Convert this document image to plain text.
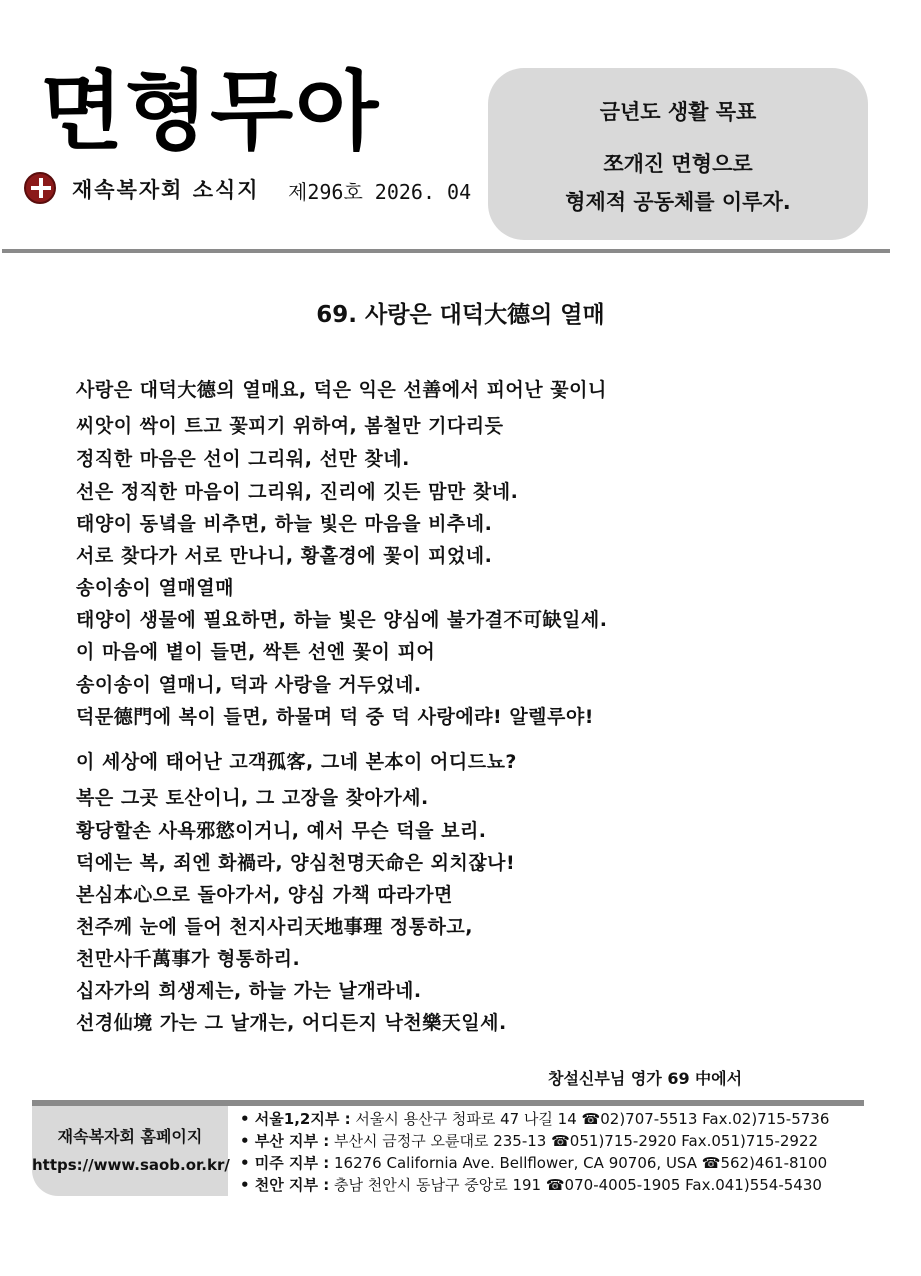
면형무아
재속복자회 소식지 제296호 2026. 04
금년도 생활 목표
쪼개진 면형으로
형제적 공동체를 이루자.
69. 사랑은 대덕大德의 열매
사랑은 대덕大德의 열매요, 덕은 익은 선善에서 피어난 꽃이니
씨앗이 싹이 트고 꽃피기 위하여, 봄철만 기다리듯
정직한 마음은 선이 그리워, 선만 찾네.
선은 정직한 마음이 그리워, 진리에 깃든 맘만 찾네.
태양이 동녘을 비추면, 하늘 빛은 마음을 비추네.
서로 찾다가 서로 만나니, 황홀경에 꽃이 피었네.
송이송이 열매열매
태양이 생물에 필요하면, 하늘 빛은 양심에 불가결不可缺일세.
이 마음에 볕이 들면, 싹튼 선엔 꽃이 피어
송이송이 열매니, 덕과 사랑을 거두었네.
덕문德門에 복이 들면, 하물며 덕 중 덕 사랑에랴! 알렐루야!
이 세상에 태어난 고객孤客, 그네 본本이 어디드뇨?
복은 그곳 토산이니, 그 고장을 찾아가세.
황당할손 사욕邪慾이거니, 예서 무슨 덕을 보리.
덕에는 복, 죄엔 화禍라, 양심천명天命은 외치잖나!
본심本心으로 돌아가서, 양심 가책 따라가면
천주께 눈에 들어 천지사리天地事理 정통하고,
천만사千萬事가 형통하리.
십자가의 희생제는, 하늘 가는 날개라네.
선경仙境 가는 그 날개는, 어디든지 낙천樂天일세.
창설신부님 영가 69 中에서
재속복자회 홈페이지
https://www.saob.or.kr/
• 서울1,2지부 : 서울시 용산구 청파로 47 나길 14 ☎02)707-5513 Fax.02)715-5736
• 부산 지부 : 부산시 금정구 오륜대로 235-13 ☎051)715-2920 Fax.051)715-2922
• 미주 지부 : 16276 California Ave. Bellflower, CA 90706, USA ☎562)461-8100
• 천안 지부 : 충남 천안시 동남구 중앙로 191 ☎070-4005-1905 Fax.041)554-5430
